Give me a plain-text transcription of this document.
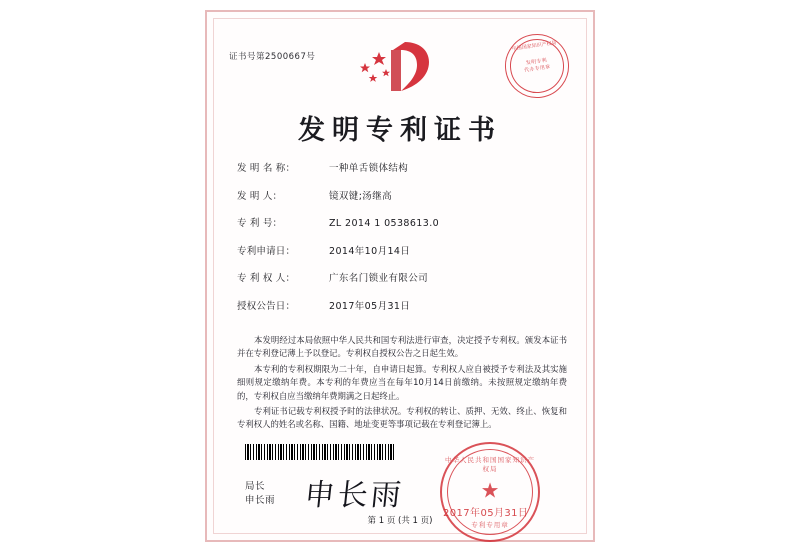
证书号第2500667号
中国国家知识产权局
发明专利
代办专用章
发明专利证书
发 明 名 称：	一种单舌锁体结构
发 明 人：	镜双键;汤继高
专 利 号：	ZL 2014 1 0538613.0
专利申请日：	2014年10月14日
专 利 权 人：	广东名门锁业有限公司
授权公告日：	2017年05月31日

本发明经过本局依照中华人民共和国专利法进行审查，决定授予专利权。颁发本证书并在专利登记薄上予以登记。专利权自授权公告之日起生效。

本专利的专利权期限为二十年，自申请日起算。专利权人应自被授予专利法及其实施细则规定缴纳年费。本专利的年费应当在每年10月14日前缴纳。未按照规定缴纳年费的，专利权自应当缴纳年费期满之日起终止。

专利证书记载专利权授予时的法律状况。专利权的转让、质押、无效、终止、恢复和专利权人的姓名或名称、国籍、地址变更等事项记载在专利登记簿上。

局长
申长雨 申长雨
中华人民共和国国家知识产权局
★
专利专用章
2017年05月31日
第 1 页 (共 1 页)
